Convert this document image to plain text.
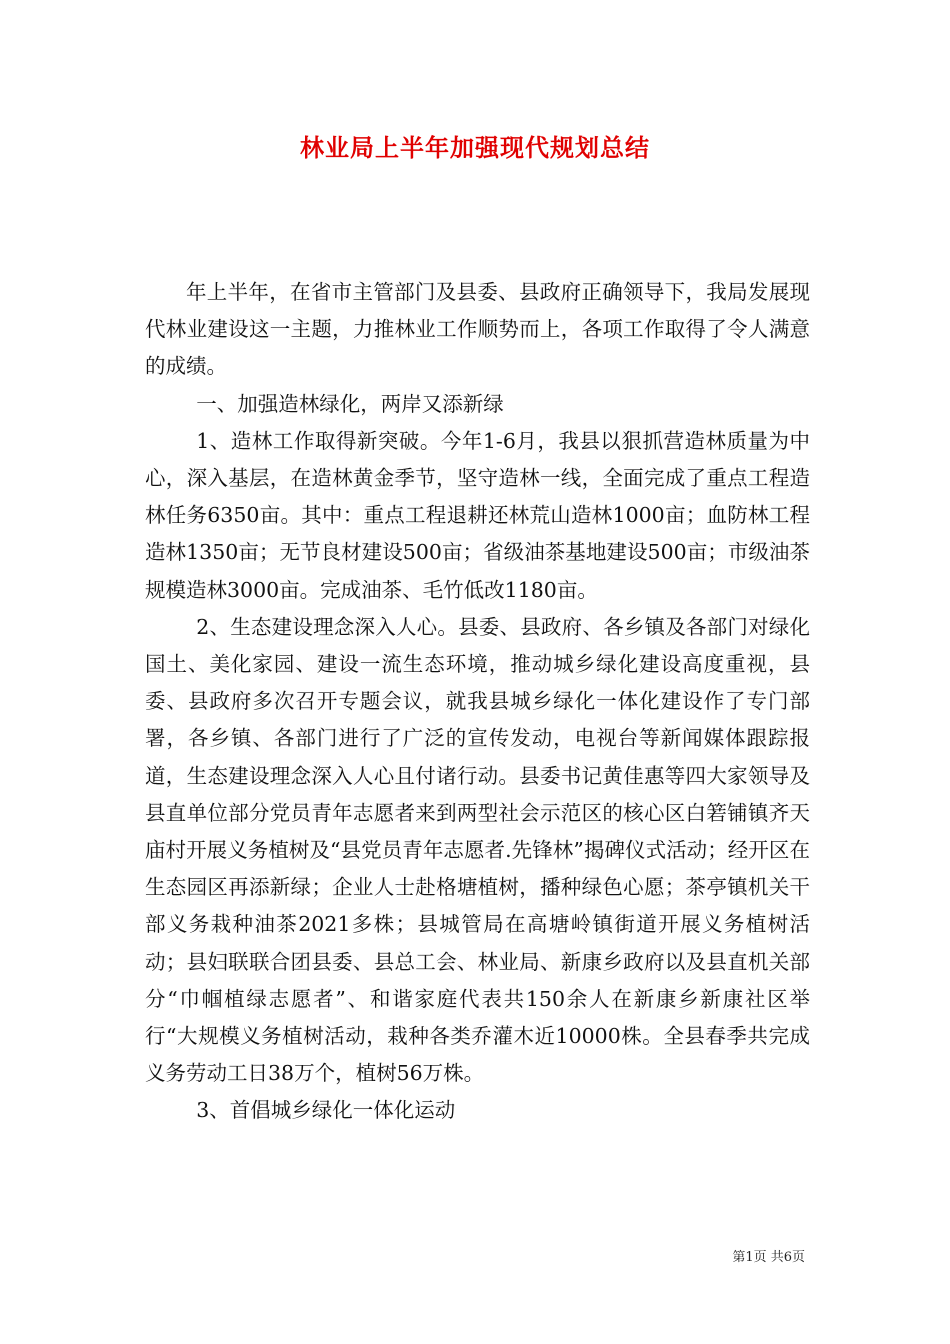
林业局上半年加强现代规划总结

年上半年，在省市主管部门及县委、县政府正确领导下，我局发展现代林业建设这一主题，力推林业工作顺势而上，各项工作取得了令人满意的成绩。

一、加强造林绿化，两岸又添新绿

1、造林工作取得新突破。今年1-6月，我县以狠抓营造林质量为中心，深入基层，在造林黄金季节，坚守造林一线，全面完成了重点工程造林任务6350亩。其中：重点工程退耕还林荒山造林1000亩；血防林工程造林1350亩；无节良材建设500亩；省级油茶基地建设500亩；市级油茶规模造林3000亩。完成油茶、毛竹低改1180亩。

2、生态建设理念深入人心。县委、县政府、各乡镇及各部门对绿化国土、美化家园、建设一流生态环境，推动城乡绿化建设高度重视，县委、县政府多次召开专题会议，就我县城乡绿化一体化建设作了专门部署，各乡镇、各部门进行了广泛的宣传发动，电视台等新闻媒体跟踪报道，生态建设理念深入人心且付诸行动。县委书记黄佳惠等四大家领导及县直单位部分党员青年志愿者来到两型社会示范区的核心区白箬铺镇齐天庙村开展义务植树及“县党员青年志愿者.先锋林”揭碑仪式活动；经开区在生态园区再添新绿；企业人士赴格塘植树，播种绿色心愿；茶亭镇机关干部义务栽种油茶2021多株；县城管局在高塘岭镇街道开展义务植树活动；县妇联联合团县委、县总工会、林业局、新康乡政府以及县直机关部分“巾帼植绿志愿者”、和谐家庭代表共150余人在新康乡新康社区举行“大规模义务植树活动，栽种各类乔灌木近10000株。全县春季共完成义务劳动工日38万个，植树56万株。

3、首倡城乡绿化一体化运动

第1页 共6页
